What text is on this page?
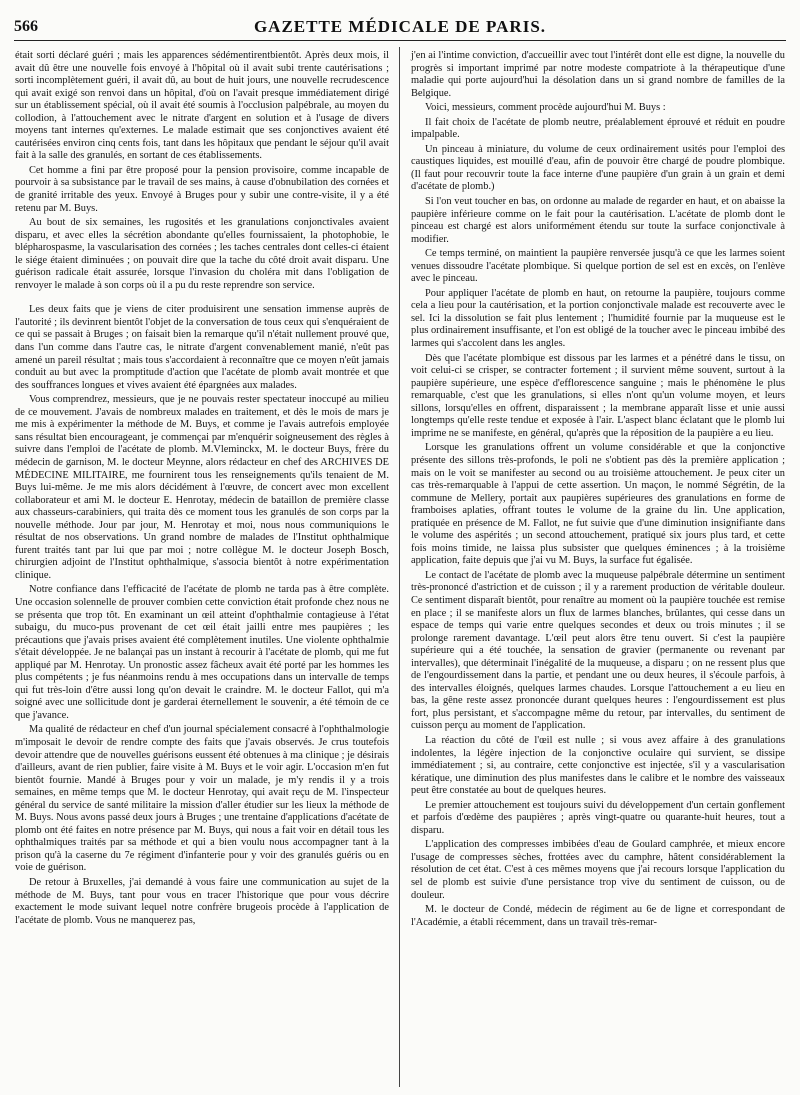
566	GAZETTE MÉDICALE DE PARIS.

était sorti déclaré guéri ; mais les apparences sédémentirentbientôt. Après deux mois, il avait dû être une nouvelle fois envoyé à l'hôpital où il avait subi trente cautérisations ; sorti incomplètement guéri, il avait dû, au bout de huit jours, une nouvelle recrudescence qui avait exigé son renvoi dans un hôpital, d'où on l'avait presque immédiatement dirigé sur un établissement spécial, où il avait été soumis à l'occlusion palpébrale, au moyen du collodion, à l'attouchement avec le nitrate d'argent en solution et à l'usage de divers moyens tant internes qu'externes. Le malade estimait que ses conjonctives avaient été cautérisées environ cinq cents fois, tant dans les hôpitaux que pendant le séjour qu'il avait fait à la salle des granulés, en sortant de ces établissements.

Cet homme a fini par être proposé pour la pension provisoire, comme incapable de pourvoir à sa subsistance par le travail de ses mains, à cause d'obnubilation des cornées et de granité irritable des yeux. Envoyé à Bruges pour y subir une contre-visite, il y a été retenu par M. Buys.

Au bout de six semaines, les rugosités et les granulations conjonctivales avaient disparu, et avec elles la sécrétion abondante qu'elles fournissaient, la photophobie, le blépharospasme, la vascularisation des cornées ; les taches centrales dont celles-ci étaient le siége étaient diminuées ; on pouvait dire que la tache du côté droit avait disparu. Une guérison radicale était assurée, lorsque l'invasion du choléra mit dans l'obligation de renvoyer le malade à son corps où il a pu du reste reprendre son service.

Les deux faits que je viens de citer produisirent une sensation immense auprès de l'autorité ; ils devinrent bientôt l'objet de la conversation de tous ceux qui s'enquéraient de ce qui se passait à Bruges ; on faisait bien la remarque qu'il n'était nullement prouvé que, dans l'un comme dans l'autre cas, le nitrate d'argent convenablement manié, n'eût pas amené un pareil résultat ; mais tous s'accordaient à reconnaître que ce moyen n'eût jamais conduit au but avec la promptitude d'action que l'acétate de plomb avait montrée et que des souffrances longues et vives avaient été épargnées aux malades.

Vous comprendrez, messieurs, que je ne pouvais rester spectateur inoccupé au milieu de ce mouvement. J'avais de nombreux malades en traitement, et dès le mois de mars je me mis à expérimenter la méthode de M. Buys, et comme je l'avais autrefois employée sans résultat bien encourageant, je commençai par m'enquérir soigneusement des règles à suivre dans l'emploi de l'acétate de plomb. M.Vleminckx, M. le docteur Buys, frère du médecin de garnison, M. le docteur Meynne, alors rédacteur en chef des ARCHIVES DE MÉDECINE MILITAIRE, me fournirent tous les renseignements qu'ils tenaient de M. Buys lui-même. Je me mis alors décidément à l'œuvre, de concert avec mon excellent collaborateur et ami M. le docteur E. Henrotay, médecin de bataillon de première classe aux chasseurs-carabiniers, qui traita dès ce moment tous les granulés de son corps par la nouvelle méthode. Jour par jour, M. Henrotay et moi, nous nous communiquions le résultat de nos observations. Un grand nombre de malades de l'Institut ophthalmique furent traités tant par lui que par moi ; notre collègue M. le docteur Joseph Bosch, chirurgien adjoint de l'Institut ophthalmique, s'associa bientôt à notre expérimentation clinique.

Notre confiance dans l'efficacité de l'acétate de plomb ne tarda pas à être complète. Une occasion solennelle de prouver combien cette conviction était profonde chez nous ne se présenta que trop tôt. En examinant un œil atteint d'ophthalmie contagieuse à l'état subaigu, du muco-pus provenant de cet œil était jailli entre mes paupières ; les précautions que j'avais prises avaient été complètement inutiles. Une violente ophthalmie s'était développée. Je ne balançai pas un instant à recourir à l'acétate de plomb, qui me fut appliqué par M. Henrotay. Un pronostic assez fâcheux avait été porté par les hommes les plus compétents ; je fus néanmoins rendu à mes occupations dans un intervalle de temps qui fut très-loin d'être aussi long qu'on devait le craindre. M. le docteur Fallot, qui m'a soigné avec une sollicitude dont je garderai éternellement le souvenir, a été témoin de ce que j'avance.

Ma qualité de rédacteur en chef d'un journal spécialement consacré à l'ophthalmologie m'imposait le devoir de rendre compte des faits que j'avais observés. Je crus toutefois devoir attendre que de nouvelles guérisons eussent été obtenues à ma clinique ; je désirais d'ailleurs, avant de rien publier, faire visite à M. Buys et le voir agir. L'occasion m'en fut bientôt fournie. Mandé à Bruges pour y voir un malade, je m'y rendis il y a trois semaines, en même temps que M. le docteur Henrotay, qui avait reçu de M. l'inspecteur général du service de santé militaire la mission d'aller étudier sur les lieux la méthode de M. Buys. Nous avons passé deux jours à Bruges ; une trentaine d'applications d'acétate de plomb ont été faites en notre présence par M. Buys, qui nous a fait voir en détail tous les ophthalmiques traités par sa méthode et qui a bien voulu nous accompagner tant à la prison qu'à la caserne du 7e régiment d'infanterie pour y voir des granulés guéris ou en voie de guérison.

De retour à Bruxelles, j'ai demandé à vous faire une communication au sujet de la méthode de M. Buys, tant pour vous en tracer l'historique que pour vous décrire exactement le mode suivant lequel notre confrère brugeois procède à l'application de l'acétate de plomb. Vous ne manquerez pas,

j'en ai l'intime conviction, d'accueillir avec tout l'intérêt dont elle est digne, la nouvelle du progrès si important imprimé par notre modeste compatriote à la thérapeutique d'une maladie qui porte aujourd'hui la désolation dans un si grand nombre de familles de la Belgique.

Voici, messieurs, comment procède aujourd'hui M. Buys :

Il fait choix de l'acétate de plomb neutre, préalablement éprouvé et réduit en poudre impalpable.

Un pinceau à miniature, du volume de ceux ordinairement usités pour l'emploi des caustiques liquides, est mouillé d'eau, afin de pouvoir être chargé de poudre plombique. (Il faut pour recouvrir toute la face interne d'une paupière d'un grain à un grain et demi d'acétate de plomb.)

Si l'on veut toucher en bas, on ordonne au malade de regarder en haut, et on abaisse la paupière inférieure comme on le fait pour la cautérisation. L'acétate de plomb dont le pinceau est chargé est alors uniformément étendu sur toute la surface conjonctivale à modifier.

Ce temps terminé, on maintient la paupière renversée jusqu'à ce que les larmes soient venues dissoudre l'acétate plombique. Si quelque portion de sel est en excès, on l'enlève avec le pinceau.

Pour appliquer l'acétate de plomb en haut, on retourne la paupière, toujours comme cela a lieu pour la cautérisation, et la portion conjonctivale malade est recouverte avec le sel. Ici la dissolution se fait plus lentement ; l'humidité fournie par la muqueuse est le plus ordinairement insuffisante, et l'on est obligé de la toucher avec le pinceau imbibé des larmes qui s'accolent dans les angles.

Dès que l'acétate plombique est dissous par les larmes et a pénétré dans le tissu, on voit celui-ci se crisper, se contracter fortement ; il survient même souvent, surtout à la paupière supérieure, une espèce d'efflorescence sanguine ; mais le phénomène le plus remarquable, c'est que les granulations, si elles n'ont qu'un volume moyen, et leurs sillons, lorsqu'elles en offrent, disparaissent ; la membrane apparaît lisse et unie aussi longtemps qu'elle reste tendue et exposée à l'air. L'aspect blanc éclatant que le plomb lui imprime ne se manifeste, en général, qu'après que la réposition de la paupière a eu lieu.

Lorsque les granulations offrent un volume considérable et que la conjonctive présente des sillons très-profonds, le poli ne s'obtient pas dès la première application ; mais on le voit se manifester au second ou au troisième attouchement. Je peux citer un cas très-remarquable à l'appui de cette assertion. Un maçon, le nommé Ségrétin, de la commune de Mellery, portait aux paupières supérieures des granulations en forme de framboises aplaties, offrant toutes le volume de la graine du lin. Une application, pratiquée en présence de M. Fallot, ne fut suivie que d'une diminution insignifiante dans le volume des aspérités ; un second attouchement, pratiqué six jours plus tard, et cette fois moins timide, ne laissa plus subsister que quelques éminences ; à la troisième application, faite depuis que j'ai vu M. Buys, la surface fut égalisée.

Le contact de l'acétate de plomb avec la muqueuse palpébrale détermine un sentiment très-prononcé d'astriction et de cuisson ; il y a rarement production de véritable douleur. Ce sentiment disparaît bientôt, pour renaître au moment où la paupière touchée est remise en place ; il se manifeste alors un flux de larmes blanches, brûlantes, qui cesse dans un espace de temps qui varie entre quelques secondes et deux ou trois minutes ; il se prolonge rarement davantage. L'œil peut alors être tenu ouvert. Si c'est la paupière supérieure qui a été touchée, la sensation de gravier (permanente ou revenant par intervalles), que déterminait l'inégalité de la muqueuse, a disparu ; on ne ressent plus que de l'engourdissement dans la partie, et pendant une ou deux heures, il s'écoule parfois, à des intervalles éloignés, quelques larmes chaudes. Lorsque l'attouchement a eu lieu en bas, la gêne reste assez prononcée durant quelques heures : l'engourdissement est plus fort, plus persistant, et s'accompagne même du retour, par intervalles, du sentiment de cuisson perçu au moment de l'application.

La réaction du côté de l'œil est nulle ; si vous avez affaire à des granulations indolentes, la légère injection de la conjonctive oculaire qui survient, se dissipe immédiatement ; si, au contraire, cette conjonctive est injectée, s'il y a vascularisation kératique, une diminution des plus manifestes dans le calibre et le nombre des vaisseaux peut être constatée au bout de quelques heures.

Le premier attouchement est toujours suivi du développement d'un certain gonflement et parfois d'œdème des paupières ; après vingt-quatre ou quarante-huit heures, tout a disparu.

L'application des compresses imbibées d'eau de Goulard camphrée, et mieux encore l'usage de compresses sèches, frottées avec du camphre, hâtent considérablement la résolution de cet état. C'est à ces mêmes moyens que j'ai recours lorsque l'application du sel de plomb est suivie d'une persistance trop vive du sentiment de cuisson, ou de douleur.

M. le docteur de Condé, médecin de régiment au 6e de ligne et correspondant de l'Académie, a établi récemment, dans un travail très-remar-
